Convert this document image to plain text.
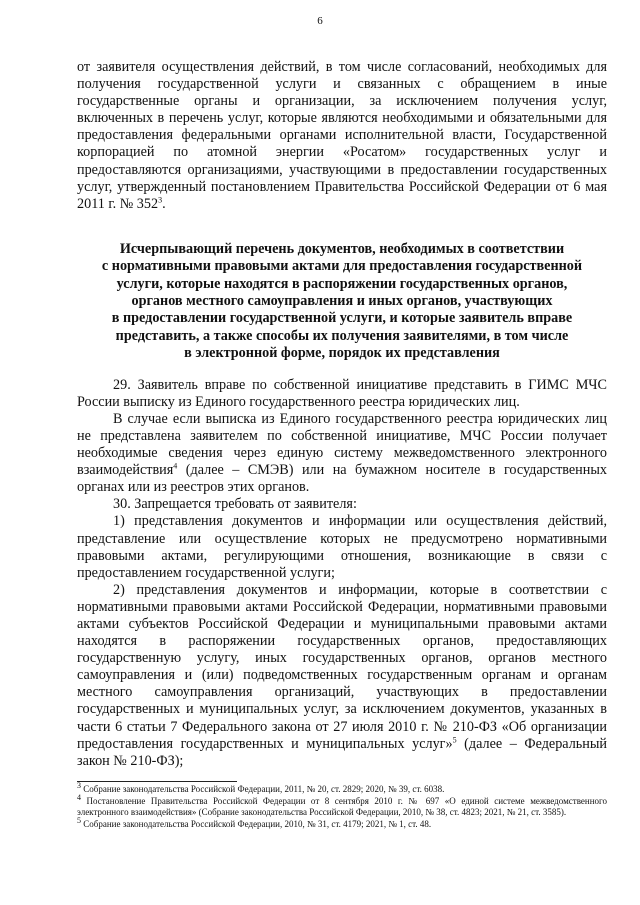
6

от заявителя осуществления действий, в том числе согласований, необходимых для получения государственной услуги и связанных с обращением в иные государственные органы и организации, за исключением получения услуг, включенных в перечень услуг, которые являются необходимыми и обязательными для предоставления федеральными органами исполнительной власти, Государственной корпорацией по атомной энергии «Росатом» государственных услуг и предоставляются организациями, участвующими в предоставлении государственных услуг, утвержденный постановлением Правительства Российской Федерации от 6 мая 2011 г. № $352^3$.

Исчерпывающий перечень документов, необходимых в соответствии
с нормативными правовыми актами для предоставления государственной
услуги, которые находятся в распоряжении государственных органов,
органов местного самоуправления и иных органов, участвующих
в предоставлении государственной услуги, и которые заявитель вправе
представить, а также способы их получения заявителями, в том числе
в электронной форме, порядок их представления

29. Заявитель вправе по собственной инициативе представить в ГИМС МЧС России выписку из Единого государственного реестра юридических лиц.

В случае если выписка из Единого государственного реестра юридических лиц не представлена заявителем по собственной инициативе, МЧС России получает необходимые сведения через единую систему межведомственного электронного взаимодействия$^4$ (далее – СМЭВ) или на бумажном носителе в государственных органах или из реестров этих органов.

30. Запрещается требовать от заявителя:

1) представления документов и информации или осуществления действий, представление или осуществление которых не предусмотрено нормативными правовыми актами, регулирующими отношения, возникающие в связи с предоставлением государственной услуги;

2) представления документов и информации, которые в соответствии с нормативными правовыми актами Российской Федерации, нормативными правовыми актами субъектов Российской Федерации и муниципальными правовыми актами находятся в распоряжении государственных органов, предоставляющих государственную услугу, иных государственных органов, органов местного самоуправления и (или) подведомственных государственным органам и органам местного самоуправления организаций, участвующих в предоставлении государственных и муниципальных услуг, за исключением документов, указанных в части 6 статьи 7 Федерального закона от 27 июля 2010 г. № 210-ФЗ «Об организации предоставления государственных и муниципальных услуг»$^5$ (далее – Федеральный закон № 210-ФЗ);

$^3$ Собрание законодательства Российской Федерации, 2011, № 20, ст. 2829; 2020, № 39, ст. 6038.

$^4$ Постановление Правительства Российской Федерации от 8 сентября 2010 г. № 697 «О единой системе межведомственного электронного взаимодействия» (Собрание законодательства Российской Федерации, 2010, № 38, ст. 4823; 2021, № 21, ст. 3585).

$^5$ Собрание законодательства Российской Федерации, 2010, № 31, ст. 4179; 2021, № 1, ст. 48.
